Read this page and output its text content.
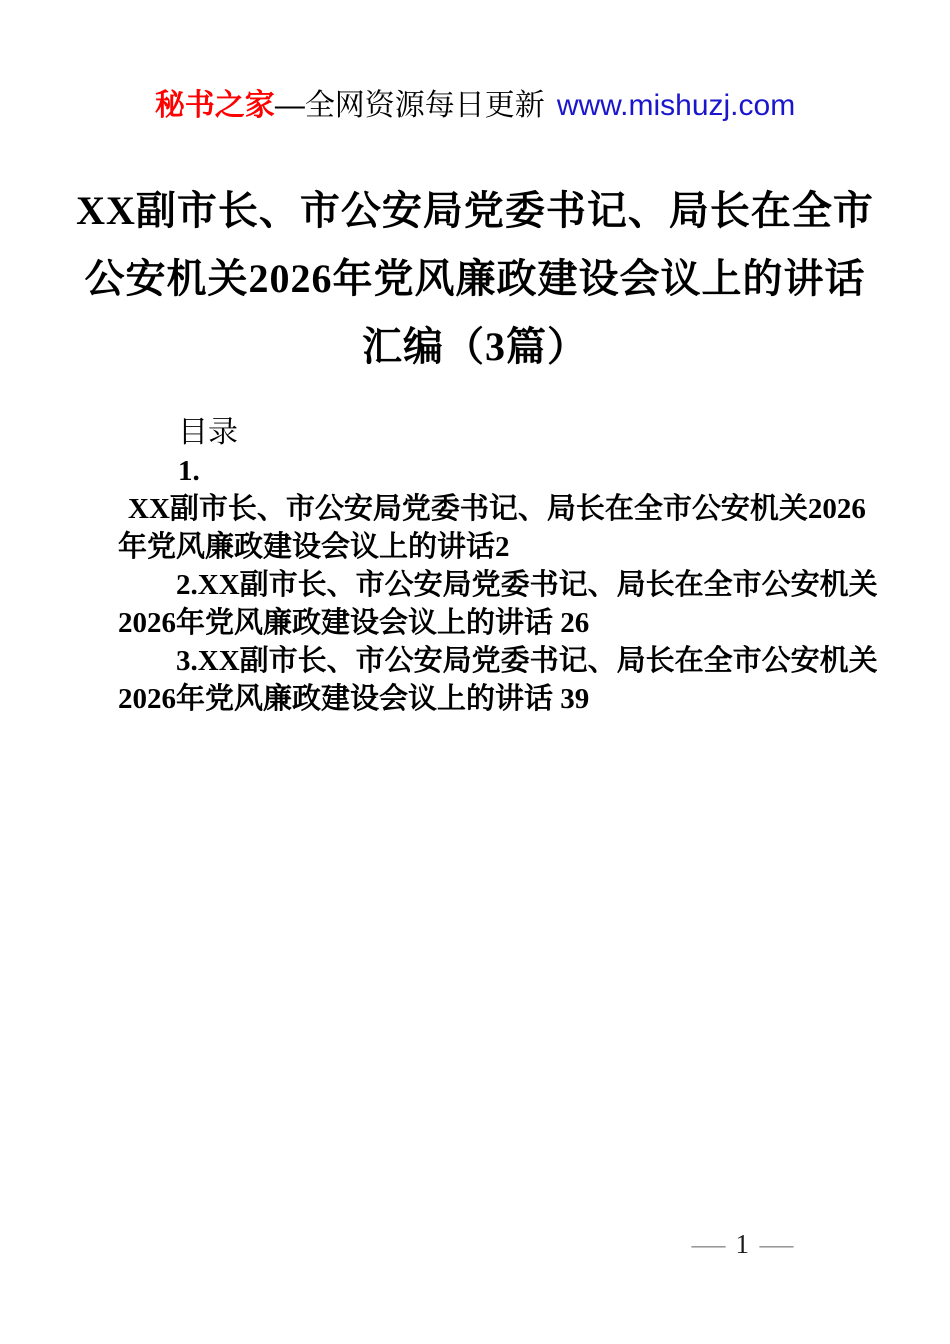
秘书之家—全网资源每日更新 www.mishuzj.com
XX副市长、市公安局党委书记、局长在全市
公安机关2026年党风廉政建设会议上的讲话
汇编（3篇）
目录
1.
XX副市长、市公安局党委书记、局长在全市公安机关2026
年党风廉政建设会议上的讲话2
2.XX副市长、市公安局党委书记、局长在全市公安机关
2026年党风廉政建设会议上的讲话 26
3.XX副市长、市公安局党委书记、局长在全市公安机关
2026年党风廉政建设会议上的讲话 39
— 1 —
